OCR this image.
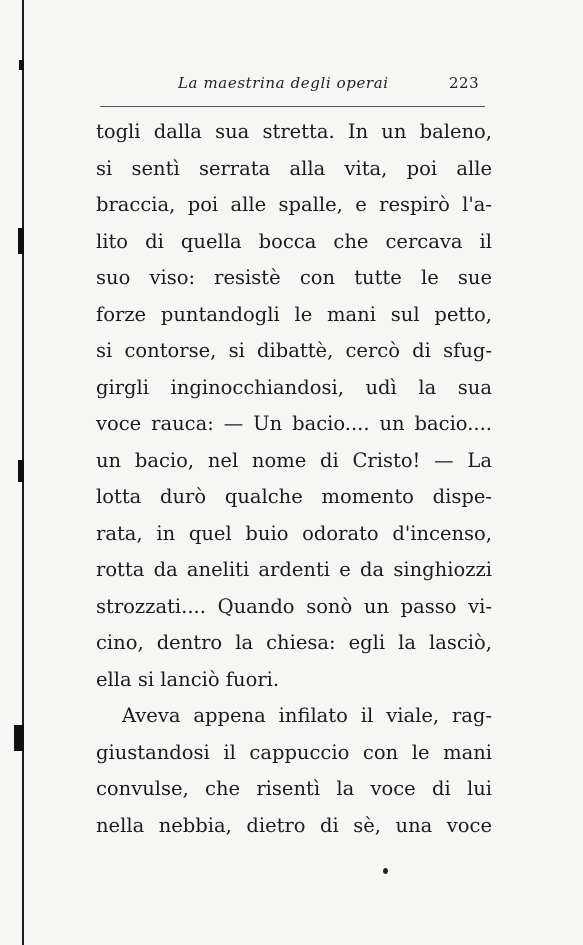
La maestrina degli operai	223
togli dalla sua stretta. In un baleno,
si sentì serrata alla vita, poi alle
braccia, poi alle spalle, e respirò l'a-
lito di quella bocca che cercava il
suo viso: resistè con tutte le sue
forze puntandogli le mani sul petto,
si contorse, si dibattè, cercò di sfug-
girgli inginocchiandosi, udì la sua
voce rauca: — Un bacio.... un bacio....
un bacio, nel nome di Cristo! — La
lotta durò qualche momento dispe-
rata, in quel buio odorato d'incenso,
rotta da aneliti ardenti e da singhiozzi
strozzati.... Quando sonò un passo vi-
cino, dentro la chiesa: egli la lasciò,
ella si lanciò fuori.
Aveva appena infilato il viale, rag-
giustandosi il cappuccio con le mani
convulse, che risentì la voce di lui
nella nebbia, dietro di sè, una voce
